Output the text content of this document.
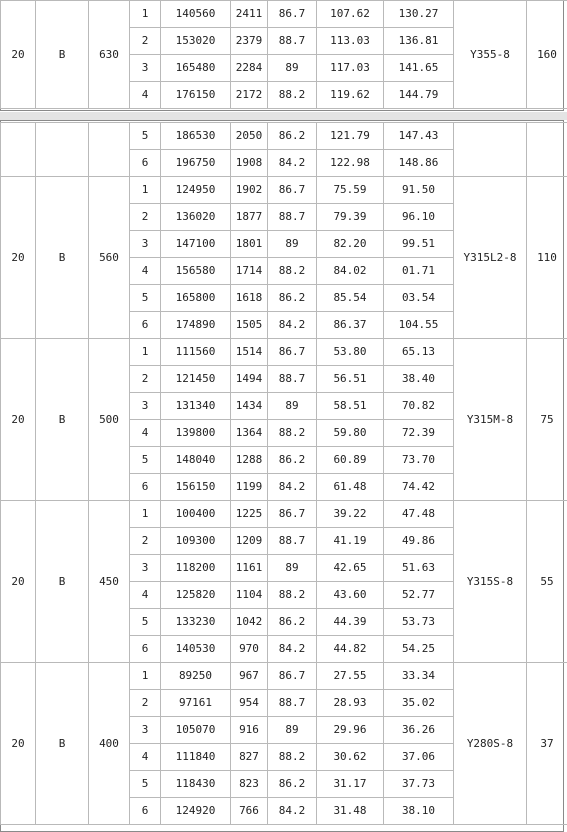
20	B	630	1	140560	2411	86.7	107.62	130.27	Y355-8	160
			2	153020	2379	88.7	113.03	136.81		
			3	165480	2284	89	117.03	141.65		
			4	176150	2172	88.2	119.62	144.79		
			5	186530	2050	86.2	121.79	147.43		
			6	196750	1908	84.2	122.98	148.86		
20	B	560	1	124950	1902	86.7	75.59	91.50	Y315L2-8	110
			2	136020	1877	88.7	79.39	96.10		
			3	147100	1801	89	82.20	99.51		
			4	156580	1714	88.2	84.02	01.71		
			5	165800	1618	86.2	85.54	03.54		
			6	174890	1505	84.2	86.37	104.55		
20	B	500	1	111560	1514	86.7	53.80	65.13	Y315M-8	75
			2	121450	1494	88.7	56.51	38.40		
			3	131340	1434	89	58.51	70.82		
			4	139800	1364	88.2	59.80	72.39		
			5	148040	1288	86.2	60.89	73.70		
			6	156150	1199	84.2	61.48	74.42		
20	B	450	1	100400	1225	86.7	39.22	47.48	Y315S-8	55
			2	109300	1209	88.7	41.19	49.86		
			3	118200	1161	89	42.65	51.63		
			4	125820	1104	88.2	43.60	52.77		
			5	133230	1042	86.2	44.39	53.73		
			6	140530	970	84.2	44.82	54.25		
20	B	400	1	89250	967	86.7	27.55	33.34	Y280S-8	37
			2	97161	954	88.7	28.93	35.02		
			3	105070	916	89	29.96	36.26		
			4	111840	827	88.2	30.62	37.06		
			5	118430	823	86.2	31.17	37.73		
			6	124920	766	84.2	31.48	38.10		
